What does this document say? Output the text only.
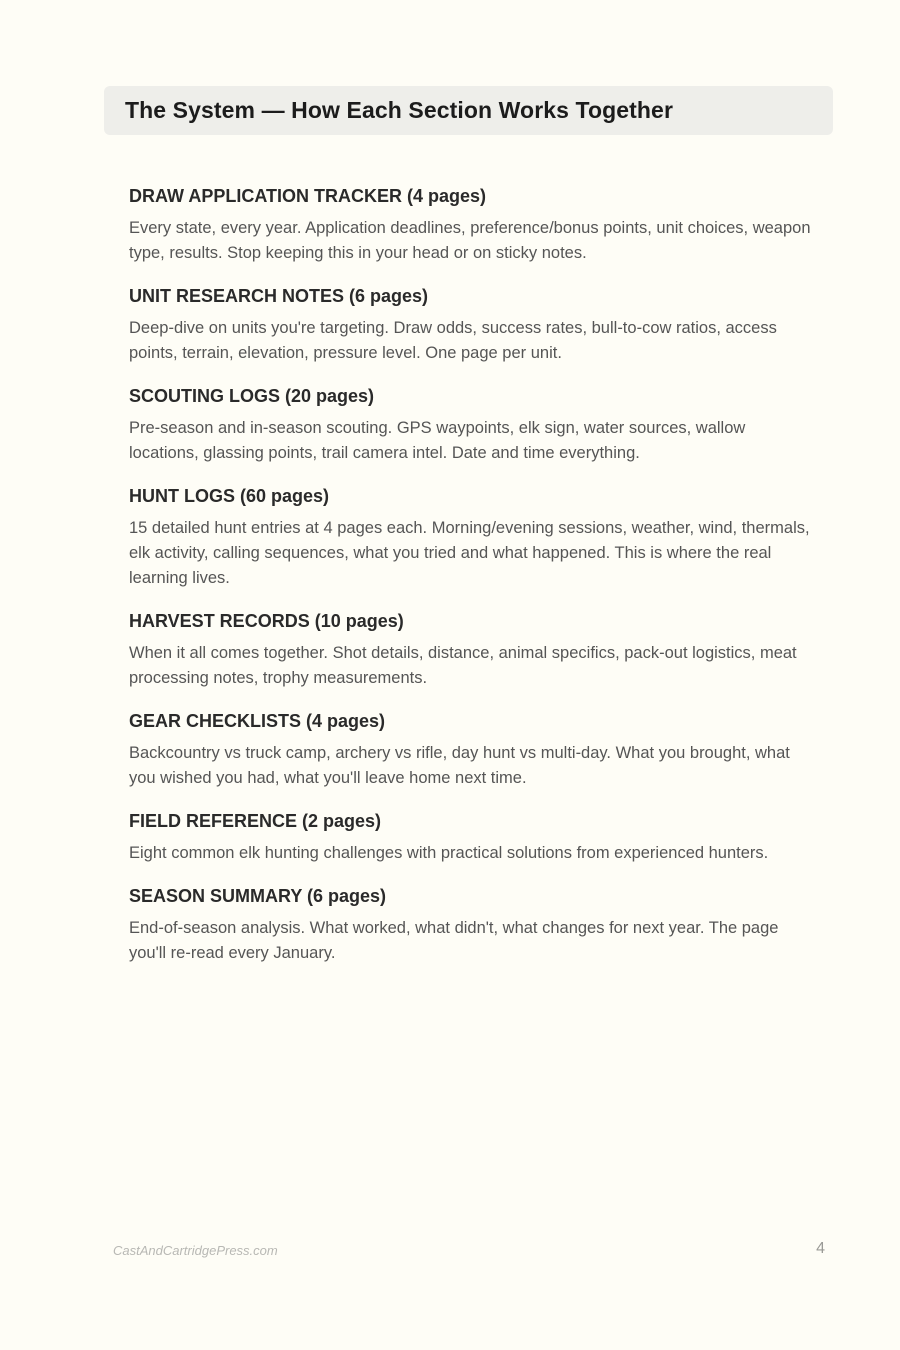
The System — How Each Section Works Together
DRAW APPLICATION TRACKER (4 pages)

Every state, every year. Application deadlines, preference/bonus points, unit choices, weapon type, results. Stop keeping this in your head or on sticky notes.

UNIT RESEARCH NOTES (6 pages)

Deep-dive on units you're targeting. Draw odds, success rates, bull-to-cow ratios, access points, terrain, elevation, pressure level. One page per unit.

SCOUTING LOGS (20 pages)

Pre-season and in-season scouting. GPS waypoints, elk sign, water sources, wallow locations, glassing points, trail camera intel. Date and time everything.

HUNT LOGS (60 pages)

15 detailed hunt entries at 4 pages each. Morning/evening sessions, weather, wind, thermals, elk activity, calling sequences, what you tried and what happened. This is where the real learning lives.

HARVEST RECORDS (10 pages)

When it all comes together. Shot details, distance, animal specifics, pack-out logistics, meat processing notes, trophy measurements.

GEAR CHECKLISTS (4 pages)

Backcountry vs truck camp, archery vs rifle, day hunt vs multi-day. What you brought, what you wished you had, what you'll leave home next time.

FIELD REFERENCE (2 pages)

Eight common elk hunting challenges with practical solutions from experienced hunters.

SEASON SUMMARY (6 pages)

End-of-season analysis. What worked, what didn't, what changes for next year. The page you'll re-read every January.

CastAndCartridgePress.com	4
